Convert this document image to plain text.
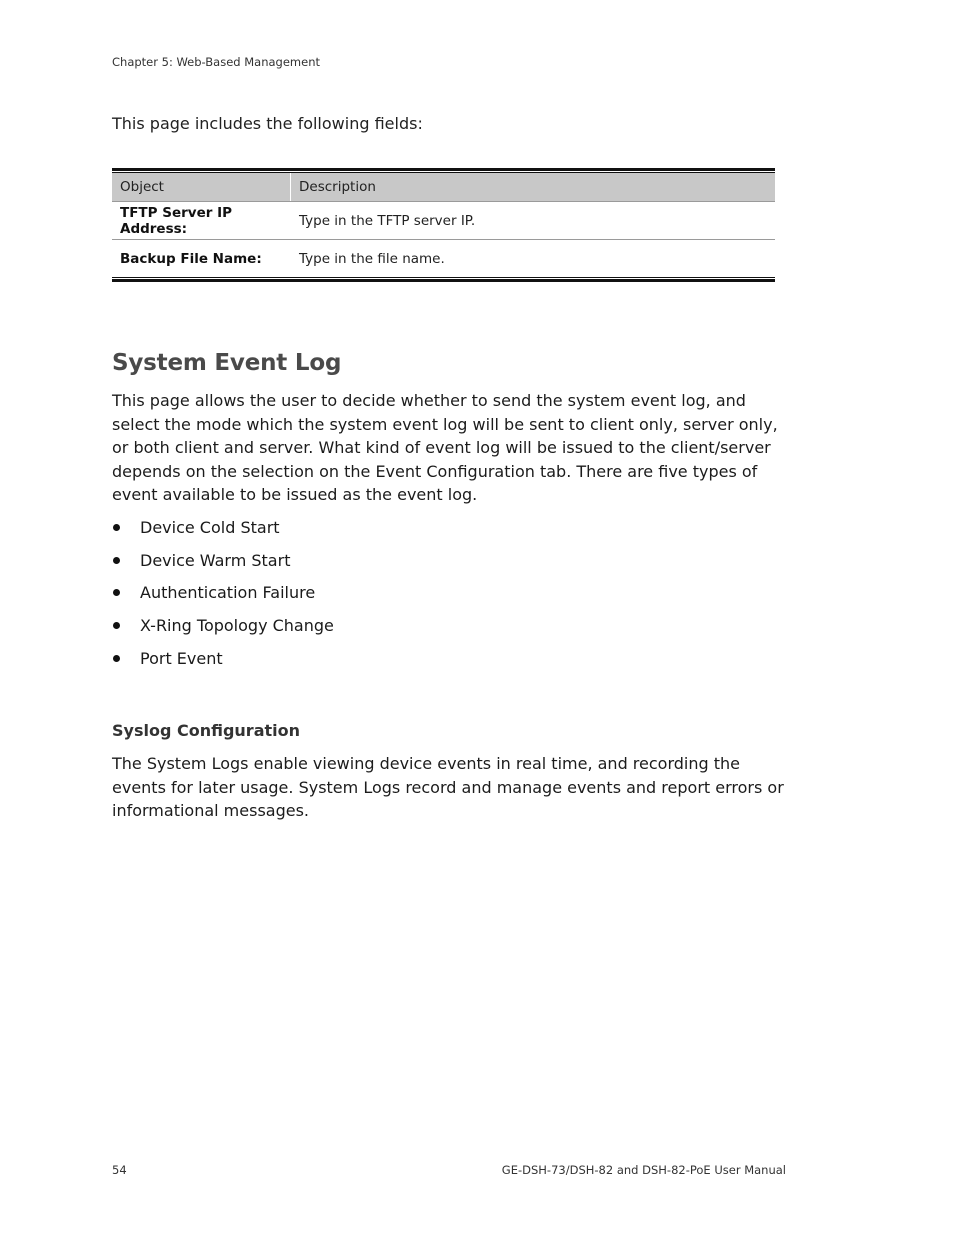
Chapter 5: Web-Based Management
This page includes the following fields:
Object	Description
TFTP Server IP Address:	Type in the TFTP server IP.
Backup File Name:	Type in the file name.
System Event Log
This page allows the user to decide whether to send the system event log, and select the mode which the system event log will be sent to client only, server only, or both client and server. What kind of event log will be issued to the client/server depends on the selection on the Event Configuration tab. There are five types of event available to be issued as the event log.
Device Cold Start
Device Warm Start
Authentication Failure
X-Ring Topology Change
Port Event
Syslog Configuration
The System Logs enable viewing device events in real time, and recording the events for later usage. System Logs record and manage events and report errors or informational messages.
54	GE-DSH-73/DSH-82 and DSH-82-PoE User Manual
